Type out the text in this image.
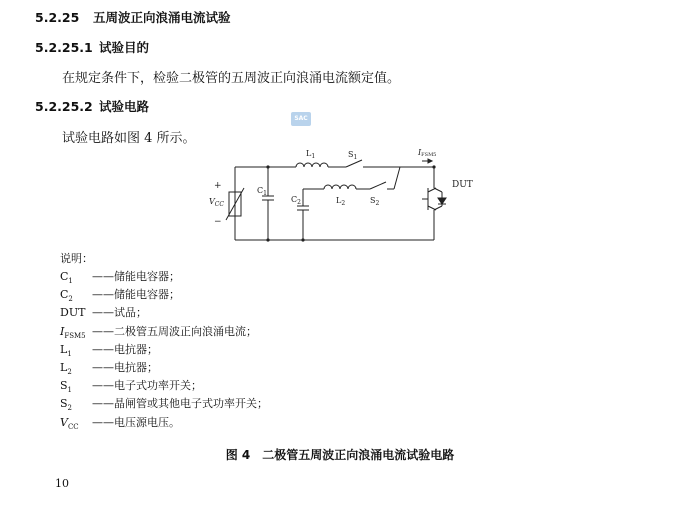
5.2.25 五周波正向浪涌电流试验
5.2.25.1 试验目的
在规定条件下，检验二极管的五周波正向浪涌电流额定值。
5.2.25.2 试验电路
SAC
试验电路如图 4 所示。
+
−
$V_{CC}$
$C_1$
$C_2$
$L_1$
$L_2$
$S_1$
$S_2$
IFSM5
DUT
说明：
$C_1$ ——储能电容器；
$C_2$ ——储能电容器；
DUT ——试品；
$I_{FSM5}$ ——二极管五周波正向浪涌电流；
$L_1$ ——电抗器；
$L_2$ ——电抗器；
$S_1$ ——电子式功率开关；
$S_2$ ——晶闸管或其他电子式功率开关；
$V_{CC}$ ——电压源电压。
图 4　二极管五周波正向浪涌电流试验电路
10
